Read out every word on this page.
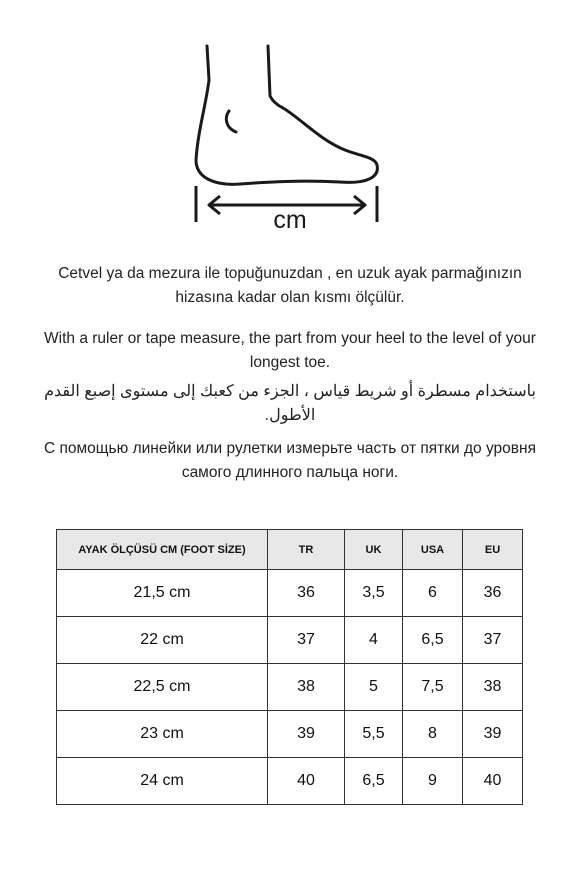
cm
Cetvel ya da mezura ile topuğunuzdan , en uzuk ayak parmağınızın hizasına kadar olan kısmı ölçülür.
With a ruler or tape measure, the part from your heel to the level of your longest toe.
باستخدام مسطرة أو شريط قياس ، الجزء من كعبك إلى مستوى إصبع القدم الأطول.
С помощью линейки или рулетки измерьте часть от пятки до уровня самого длинного пальца ноги.
AYAK ÖLÇÜSÜ CM (FOOT SİZE)	TR	UK	USA	EU
21,5 cm	36	3,5	6	36
22 cm	37	4	6,5	37
22,5 cm	38	5	7,5	38
23 cm	39	5,5	8	39
24 cm	40	6,5	9	40
